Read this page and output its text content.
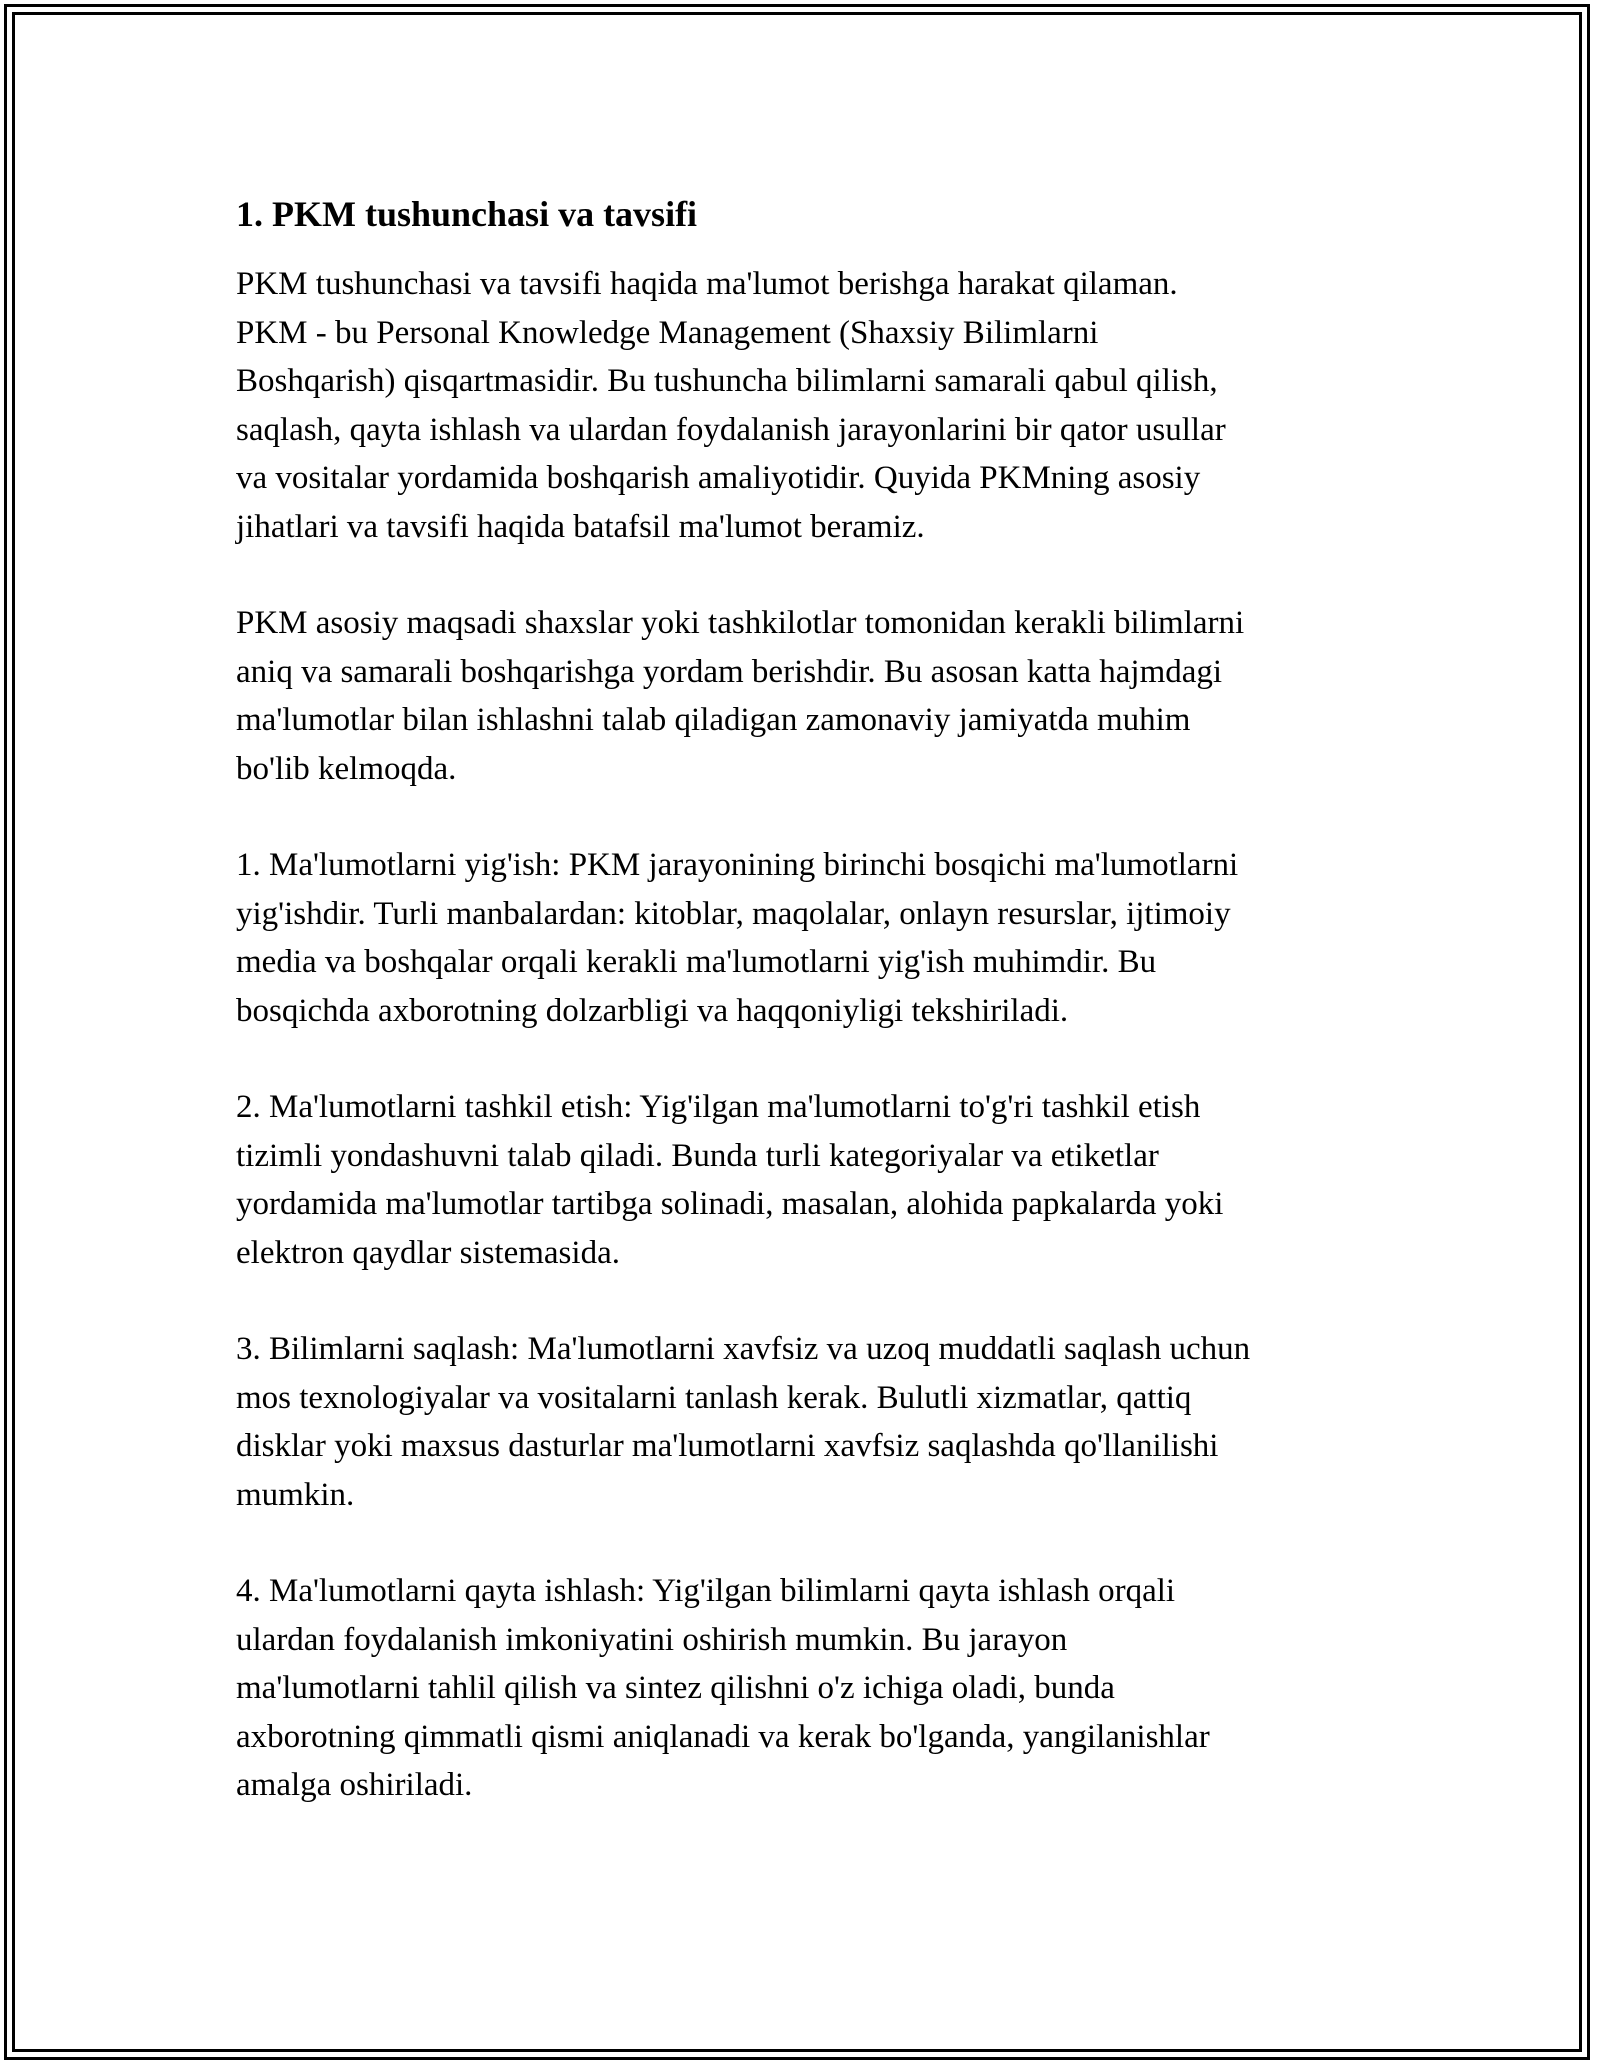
1. PKM tushunchasi va tavsifi

PKM tushunchasi va tavsifi haqida ma'lumot berishga harakat qilaman.
PKM - bu Personal Knowledge Management (Shaxsiy Bilimlarni
Boshqarish) qisqartmasidir. Bu tushuncha bilimlarni samarali qabul qilish,
saqlash, qayta ishlash va ulardan foydalanish jarayonlarini bir qator usullar
va vositalar yordamida boshqarish amaliyotidir. Quyida PKMning asosiy
jihatlari va tavsifi haqida batafsil ma'lumot beramiz.

PKM asosiy maqsadi shaxslar yoki tashkilotlar tomonidan kerakli bilimlarni
aniq va samarali boshqarishga yordam berishdir. Bu asosan katta hajmdagi
ma'lumotlar bilan ishlashni talab qiladigan zamonaviy jamiyatda muhim
bo'lib kelmoqda.

1. Ma'lumotlarni yig'ish: PKM jarayonining birinchi bosqichi ma'lumotlarni
yig'ishdir. Turli manbalardan: kitoblar, maqolalar, onlayn resurslar, ijtimoiy
media va boshqalar orqali kerakli ma'lumotlarni yig'ish muhimdir. Bu
bosqichda axborotning dolzarbligi va haqqoniyligi tekshiriladi.

2. Ma'lumotlarni tashkil etish: Yig'ilgan ma'lumotlarni to'g'ri tashkil etish
tizimli yondashuvni talab qiladi. Bunda turli kategoriyalar va etiketlar
yordamida ma'lumotlar tartibga solinadi, masalan, alohida papkalarda yoki
elektron qaydlar sistemasida.

3. Bilimlarni saqlash: Ma'lumotlarni xavfsiz va uzoq muddatli saqlash uchun
mos texnologiyalar va vositalarni tanlash kerak. Bulutli xizmatlar, qattiq
disklar yoki maxsus dasturlar ma'lumotlarni xavfsiz saqlashda qo'llanilishi
mumkin.

4. Ma'lumotlarni qayta ishlash: Yig'ilgan bilimlarni qayta ishlash orqali
ulardan foydalanish imkoniyatini oshirish mumkin. Bu jarayon
ma'lumotlarni tahlil qilish va sintez qilishni o'z ichiga oladi, bunda
axborotning qimmatli qismi aniqlanadi va kerak bo'lganda, yangilanishlar
amalga oshiriladi.
